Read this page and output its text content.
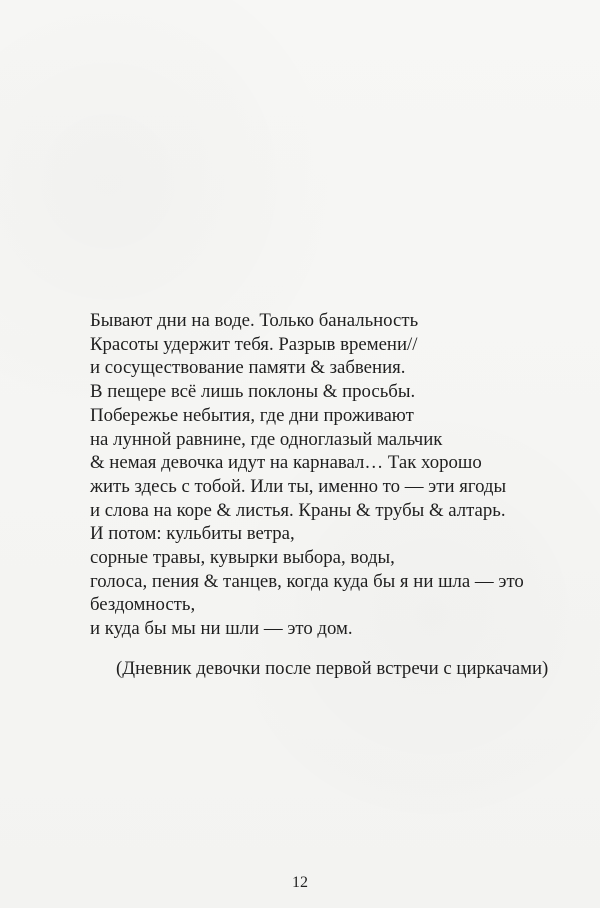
Бывают дни на воде. Только банальность
Красоты удержит тебя. Разрыв времени//
и сосуществование памяти & забвения.
В пещере всё лишь поклоны & просьбы.
Побережье небытия, где дни проживают
на лунной равнине, где одноглазый мальчик
& немая девочка идут на карнавал… Так хорошо
жить здесь с тобой. Или ты, именно то — эти ягоды
и слова на коре & листья. Краны & трубы & алтарь.
И потом: кульбиты ветра,
сорные травы, кувырки выбора, воды,
голоса, пения & танцев, когда куда бы я ни шла — это
бездомность,
и куда бы мы ни шли — это дом.
(Дневник девочки после первой встречи с циркачами)
12
